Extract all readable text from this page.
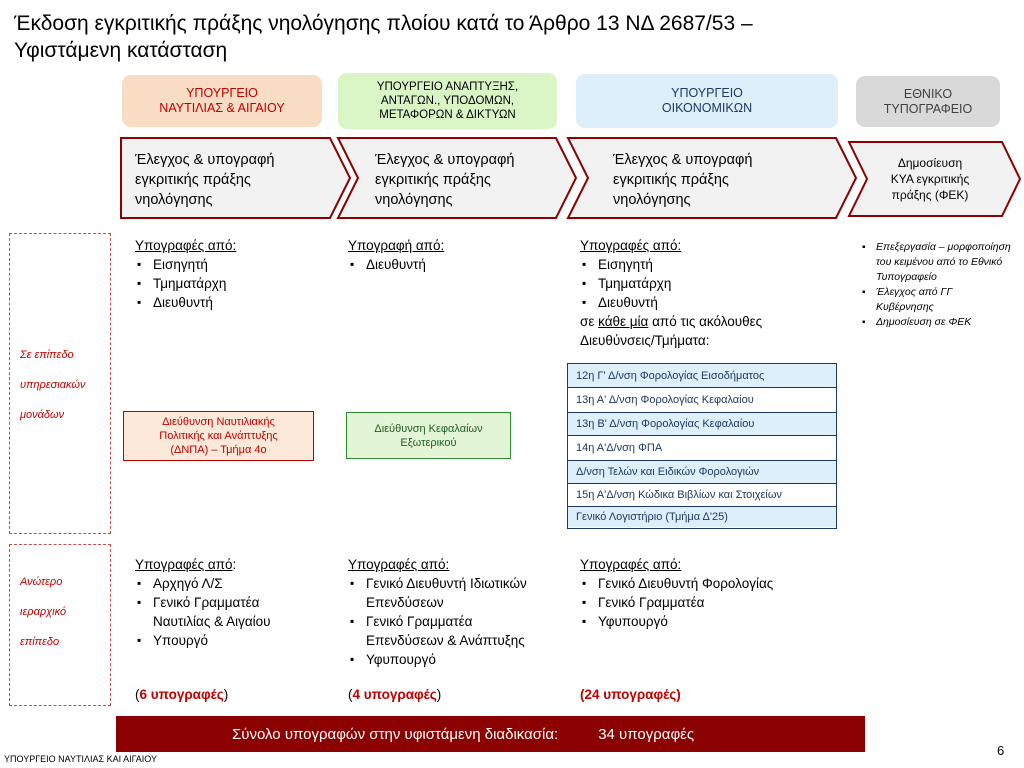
Έκδοση εγκριτικής πράξης νηολόγησης πλοίου κατά το Άρθρο 13 ΝΔ 2687/53 –
Υφιστάμενη κατάσταση
ΥΠΟΥΡΓΕΙΟ
ΝΑΥΤΙΛΙΑΣ & ΑΙΓΑΙΟΥ
ΥΠΟΥΡΓΕΙΟ ΑΝΑΠΤΥΞΗΣ,
ΑΝΤΑΓΩΝ., ΥΠΟΔΟΜΩΝ,
ΜΕΤΑΦΟΡΩΝ & ΔΙΚΤΥΩΝ
ΥΠΟΥΡΓΕΙΟ
ΟΙΚΟΝΟΜΙΚΩΝ
ΕΘΝΙΚΟ
ΤΥΠΟΓΡΑΦΕΙΟ
Έλεγχος & υπογραφή
εγκριτικής πράξης
νηολόγησης
Έλεγχος & υπογραφή
εγκριτικής πράξης
νηολόγησης
Έλεγχος & υπογραφή
εγκριτικής πράξης
νηολόγησης
Δημοσίευση
ΚΥΑ εγκριτικής
πράξης (ΦΕΚ)
Σε επίπεδο
υπηρεσιακών
μονάδων
Ανώτερο
ιεραρχικό
επίπεδο
Υπογραφές από:
▪ Εισηγητή
▪ Τμηματάρχη
▪ Διευθυντή
Υπογραφή από:
▪ Διευθυντή
Υπογραφές από:
▪ Εισηγητή
▪ Τμηματάρχη
▪ Διευθυντή
σε κάθε μία από τις ακόλουθες
Διευθύνσεις/Τμήματα:
▪ Επεξεργασία – μορφοποίηση του κειμένου από το Εθνικό Τυπογραφείο
▪ Έλεγχος από ΓΓ Κυβέρνησης
▪ Δημοσίευση σε ΦΕΚ
Διεύθυνση Ναυτιλιακής
Πολιτικής και Ανάπτυξης
(ΔΝΠΑ) – Τμήμα 4ο
Διεύθυνση Κεφαλαίων
Εξωτερικού
12η Γ' Δ/νση Φορολογίας Εισοδήματος
13η Α' Δ/νση Φορολογίας Κεφαλαίου
13η Β' Δ/νση Φορολογίας Κεφαλαίου
14η Α'Δ/νση ΦΠΑ
Δ/νση Τελών και Ειδικών Φορολογιών
15η Α'Δ/νση Κώδικα Βιβλίων και Στοιχείων
Γενικό Λογιστήριο (Τμήμα Δ'25)
Υπογραφές από:
▪ Αρχηγό Λ/Σ
▪ Γενικό Γραμματέα
Ναυτιλίας & Αιγαίου
▪ Υπουργό
Υπογραφές από:
▪ Γενικό Διευθυντή Ιδιωτικών
Επενδύσεων
▪ Γενικό Γραμματέα
Επενδύσεων & Ανάπτυξης
▪ Υφυπουργό
Υπογραφές από:
▪ Γενικό Διευθυντή Φορολογίας
▪ Γενικό Γραμματέα
▪ Υφυπουργό
(6 υπογραφές)	(4 υπογραφές)	(24 υπογραφές)
Σύνολο υπογραφών στην υφιστάμενη διαδικασία:	34 υπογραφές
ΥΠΟΥΡΓΕΙΟ ΝΑΥΤΙΛΙΑΣ ΚΑΙ ΑΙΓΑΙΟΥ
6
